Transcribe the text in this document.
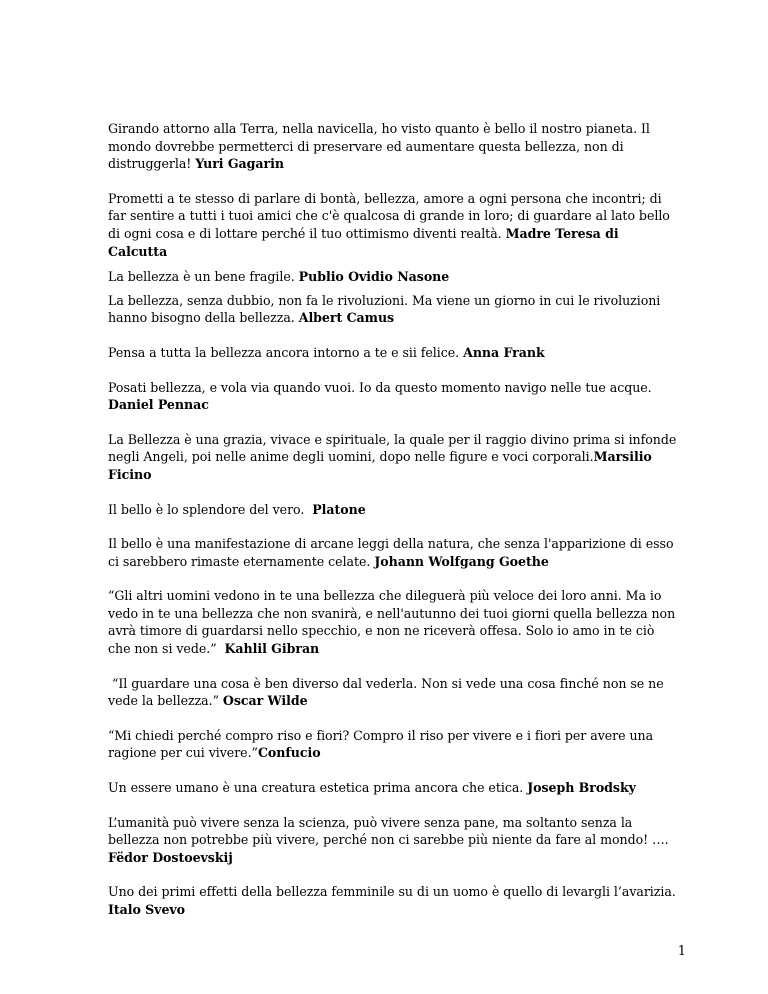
Girando attorno alla Terra, nella navicella, ho visto quanto è bello il nostro pianeta. Il mondo dovrebbe permetterci di preservare ed aumentare questa bellezza, non di distruggerla! Yuri Gagarin

Prometti a te stesso di parlare di bontà, bellezza, amore a ogni persona che incontri; di far sentire a tutti i tuoi amici che c'è qualcosa di grande in loro; di guardare al lato bello di ogni cosa e di lottare perché il tuo ottimismo diventi realtà. Madre Teresa di Calcutta

La bellezza è un bene fragile. Publio Ovidio Nasone

La bellezza, senza dubbio, non fa le rivoluzioni. Ma viene un giorno in cui le rivoluzioni hanno bisogno della bellezza. Albert Camus

Pensa a tutta la bellezza ancora intorno a te e sii felice. Anna Frank

Posati bellezza, e vola via quando vuoi. Io da questo momento navigo nelle tue acque. Daniel Pennac

La Bellezza è una grazia, vivace e spirituale, la quale per il raggio divino prima si infonde negli Angeli, poi nelle anime degli uomini, dopo nelle figure e voci corporali.Marsilio Ficino

Il bello è lo splendore del vero.  Platone

Il bello è una manifestazione di arcane leggi della natura, che senza l'apparizione di esso ci sarebbero rimaste eternamente celate. Johann Wolfgang Goethe

“Gli altri uomini vedono in te una bellezza che dileguerà più veloce dei loro anni. Ma io vedo in te una bellezza che non svanirà, e nell'autunno dei tuoi giorni quella bellezza non avrà timore di guardarsi nello specchio, e non ne riceverà offesa. Solo io amo in te ciò che non si vede.”  Kahlil Gibran

“Il guardare una cosa è ben diverso dal vederla. Non si vede una cosa finché non se ne vede la bellezza.” Oscar Wilde

“Mi chiedi perché compro riso e fiori? Compro il riso per vivere e i fiori per avere una ragione per cui vivere.”Confucio

Un essere umano è una creatura estetica prima ancora che etica. Joseph Brodsky

L’umanità può vivere senza la scienza, può vivere senza pane, ma soltanto senza la bellezza non potrebbe più vivere, perché non ci sarebbe più niente da fare al mondo! …. Fëdor Dostoevskij

Uno dei primi effetti della bellezza femminile su di un uomo è quello di levargli l’avarizia. Italo Svevo

1
